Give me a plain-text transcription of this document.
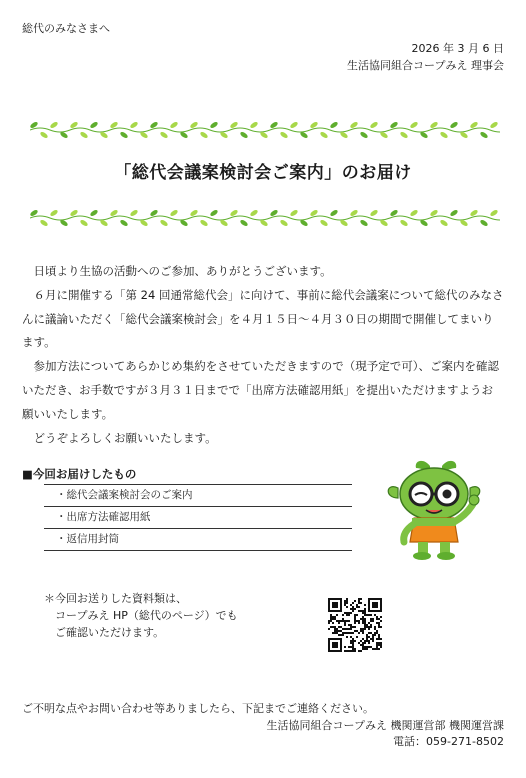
総代のみなさまへ
2026 年 3 月 6 日
生活協同組合コープみえ 理事会
「総代会議案検討会ご案内」のお届け

日頃より生協の活動へのご参加、ありがとうございます。

６月に開催する「第 24 回通常総代会」に向けて、事前に総代会議案について総代のみなさんに議論いただく「総代会議案検討会」を４月１５日～４月３０日の期間で開催してまいります。

参加方法についてあらかじめ集約をさせていただきますので（現予定で可）、ご案内を確認いただき、お手数ですが３月３１日までで「出席方法確認用紙」を提出いただけますようお願いいたします。

どうぞよろしくお願いいたします。

■今回お届けしたもの
・総代会議案検討会のご案内
・出席方法確認用紙
・返信用封筒
＊今回お送りした資料類は、
　コープみえ HP（総代のページ）でも
　ご確認いただけます。
ご不明な点やお問い合わせ等ありましたら、下記までご連絡ください。
生活協同組合コープみえ 機関運営部 機関運営課
電話：059-271-8502
